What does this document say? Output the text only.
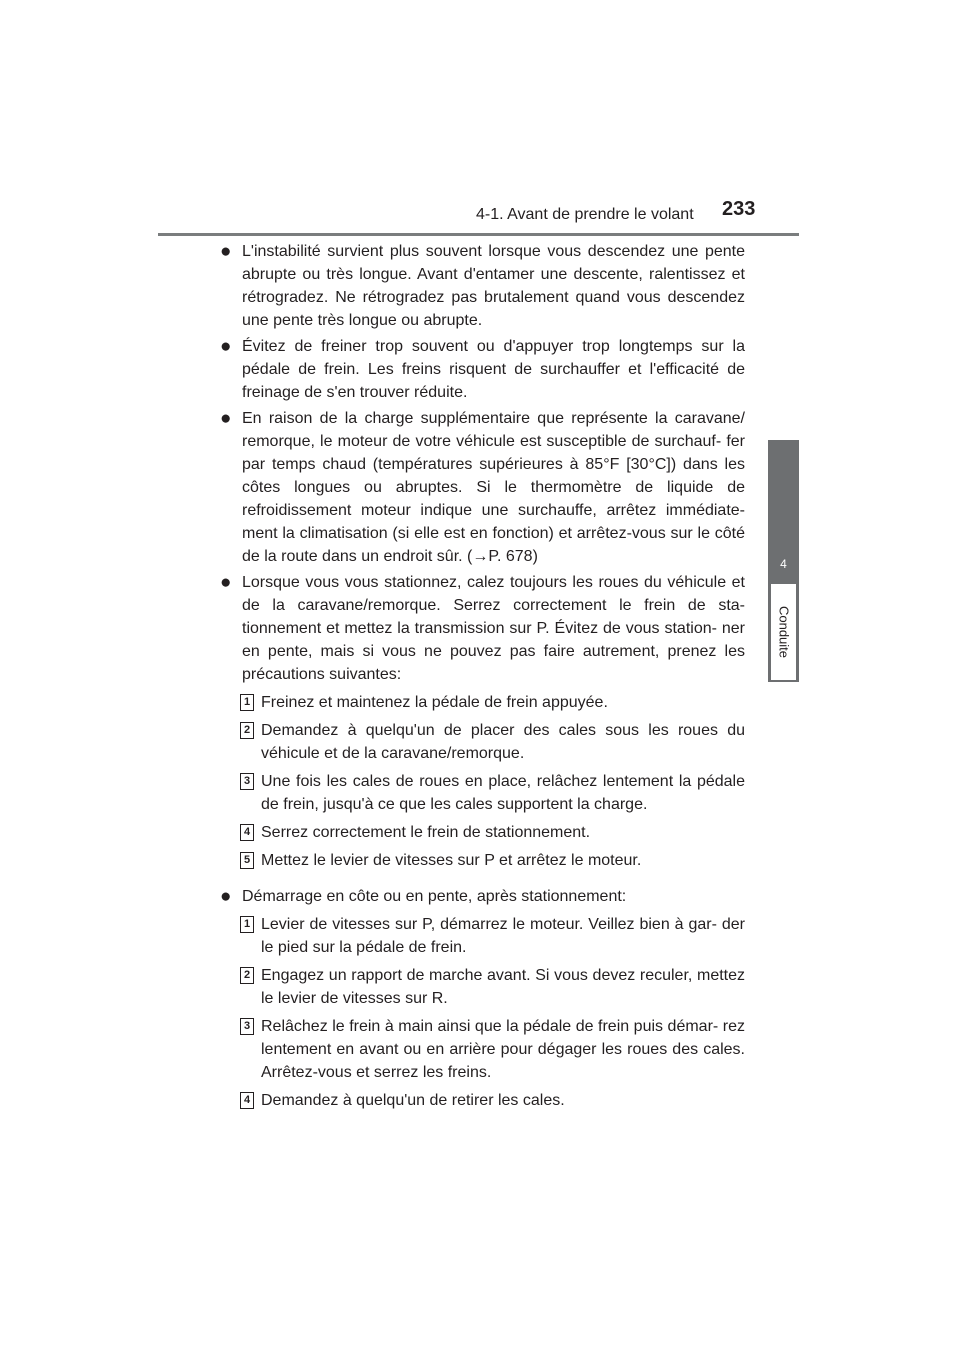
4-1. Avant de prendre le volant 233
4
Conduite
● L'instabilité survient plus souvent lorsque vous descendez une pente abrupte ou très longue. Avant d'entamer une descente, ralentissez et rétrogradez. Ne rétrogradez pas brutalement quand vous descendez une pente très longue ou abrupte.
● Évitez de freiner trop souvent ou d'appuyer trop longtemps sur la pédale de frein. Les freins risquent de surchauffer et l'efficacité de freinage de s'en trouver réduite.
● En raison de la charge supplémentaire que représente la caravane/ remorque, le moteur de votre véhicule est susceptible de surchauf- fer par temps chaud (températures supérieures à 85°F [30°C]) dans les côtes longues ou abruptes. Si le thermomètre de liquide de refroidissement moteur indique une surchauffe, arrêtez immédiate- ment la climatisation (si elle est en fonction) et arrêtez-vous sur le côté de la route dans un endroit sûr. (→P. 678)
● Lorsque vous vous stationnez, calez toujours les roues du véhicule et de la caravane/remorque. Serrez correctement le frein de sta- tionnement et mettez la transmission sur P. Évitez de vous station- ner en pente, mais si vous ne pouvez pas faire autrement, prenez les précautions suivantes:
1 Freinez et maintenez la pédale de frein appuyée.
2 Demandez à quelqu'un de placer des cales sous les roues du véhicule et de la caravane/remorque.
3 Une fois les cales de roues en place, relâchez lentement la pédale de frein, jusqu'à ce que les cales supportent la charge.
4 Serrez correctement le frein de stationnement.
5 Mettez le levier de vitesses sur P et arrêtez le moteur.
● Démarrage en côte ou en pente, après stationnement:
1 Levier de vitesses sur P, démarrez le moteur. Veillez bien à gar- der le pied sur la pédale de frein.
2 Engagez un rapport de marche avant. Si vous devez reculer, mettez le levier de vitesses sur R.
3 Relâchez le frein à main ainsi que la pédale de frein puis démar- rez lentement en avant ou en arrière pour dégager les roues des cales. Arrêtez-vous et serrez les freins.
4 Demandez à quelqu'un de retirer les cales.
